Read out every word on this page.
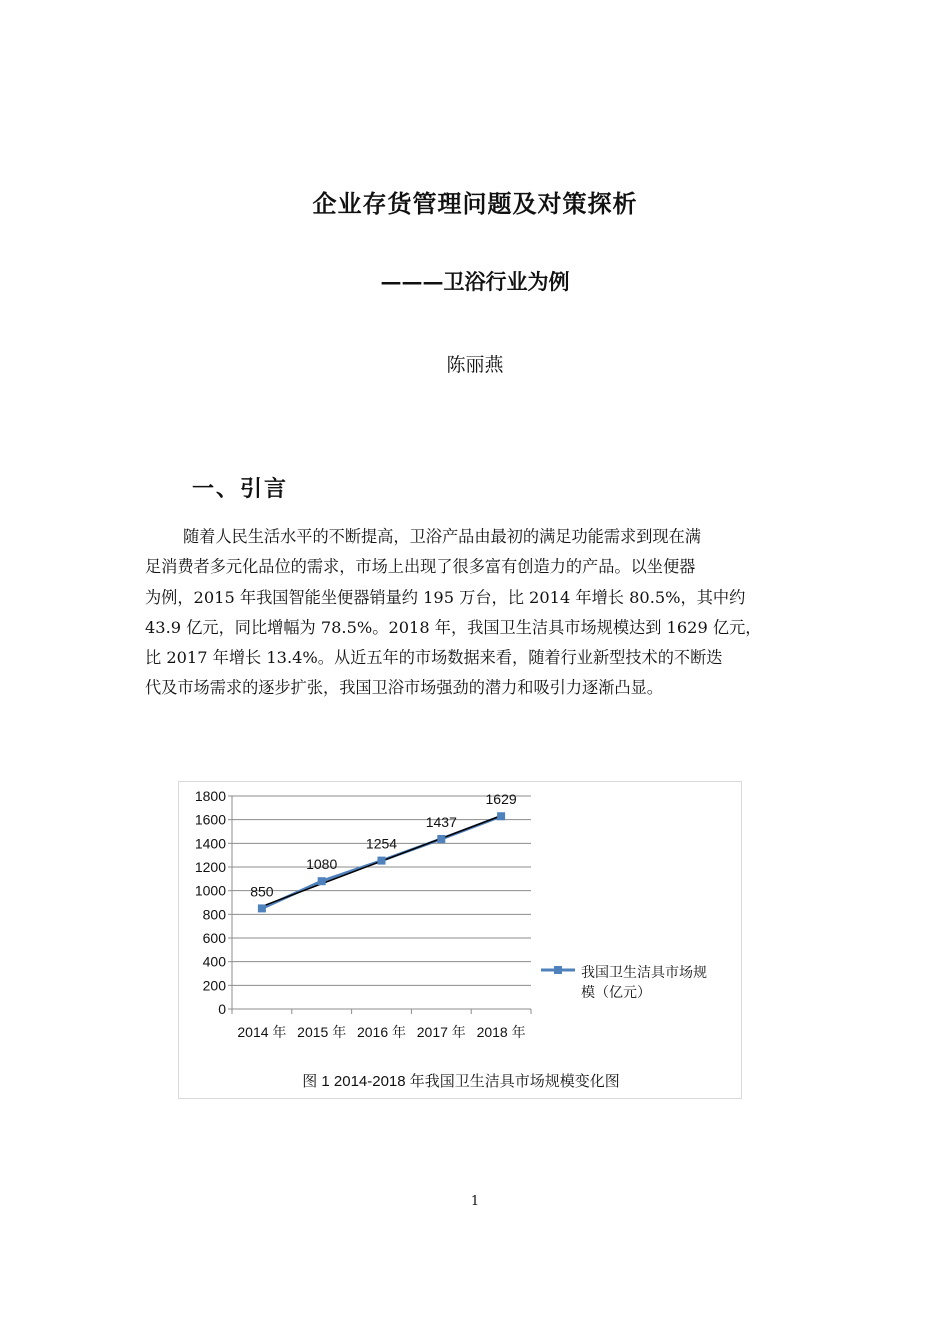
企业存货管理问题及对策探析
———卫浴行业为例
陈丽燕
一、引言

随着人民生活水平的不断提高，卫浴产品由最初的满足功能需求到现在满
足消费者多元化品位的需求，市场上出现了很多富有创造力的产品。以坐便器
为例，2015 年我国智能坐便器销量约 195 万台，比 2014 年增长 80.5%，其中约
43.9 亿元，同比增幅为 78.5%。2018 年，我国卫生洁具市场规模达到 1629 亿元，
比 2017 年增长 13.4%。从近五年的市场数据来看，随着行业新型技术的不断迭
代及市场需求的逐步扩张，我国卫浴市场强劲的潜力和吸引力逐渐凸显。

0
200
400
600
800
1000
1200
1400
1600
1800
2014 年 2015 年 2016 年 2017 年 2018 年
850
1080
1254
1437
1629
我国卫生洁具市场规
模（亿元）
图 1 2014-2018 年我国卫生洁具市场规模变化图
1
